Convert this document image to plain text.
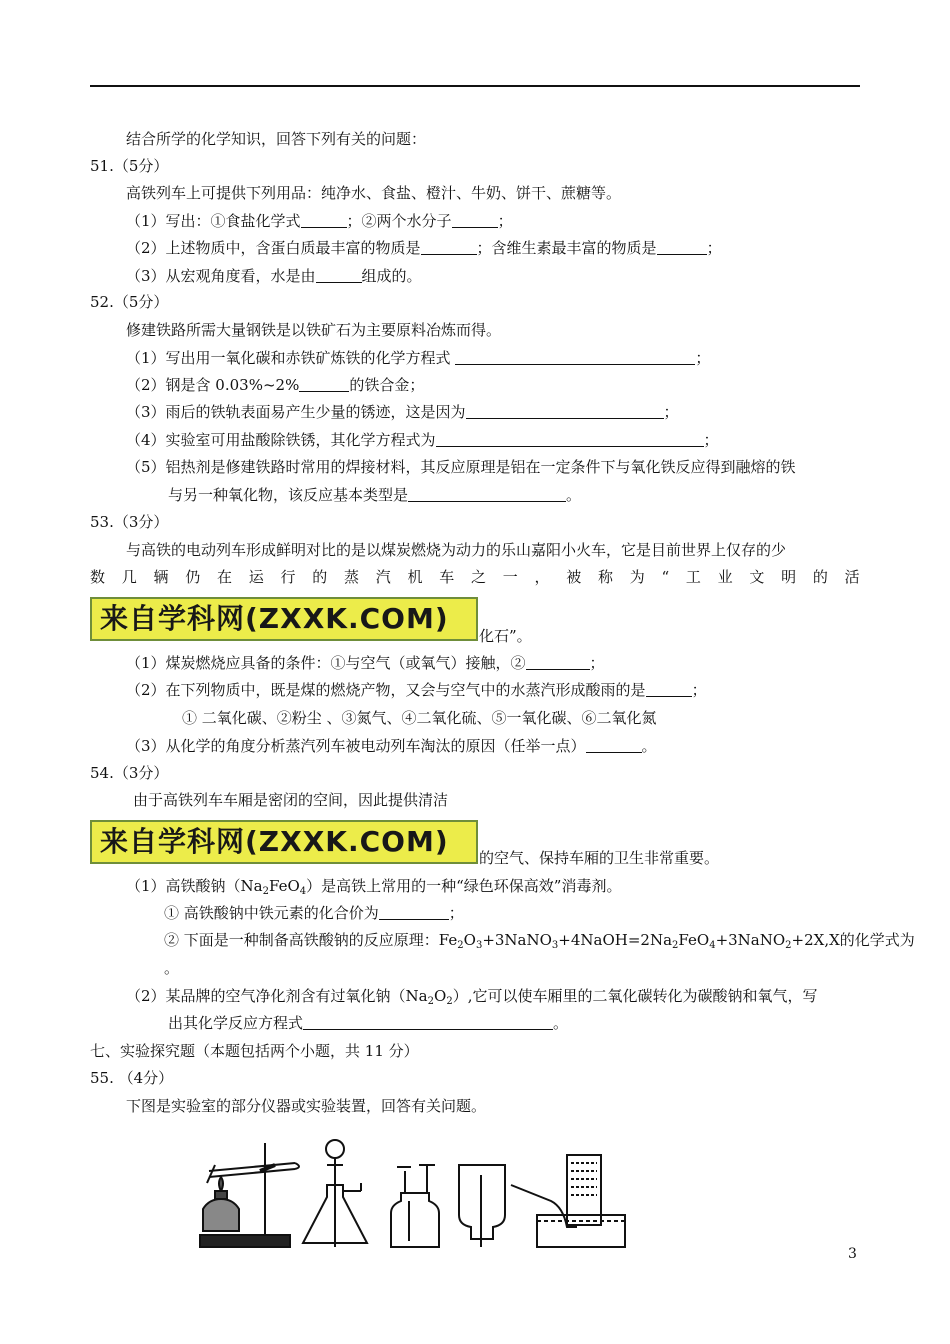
结合所学的化学知识，回答下列有关的问题：
51.（5分）
高铁列车上可提供下列用品：纯净水、食盐、橙汁、牛奶、饼干、蔗糖等。
（1）写出：①食盐化学式	；②两个水分子	；
（2）上述物质中，含蛋白质最丰富的物质是	；含维生素最丰富的物质是	；
（3）从宏观角度看，水是由	组成的。
52.（5分）
修建铁路所需大量钢铁是以铁矿石为主要原料冶炼而得。
（1）写出用一氧化碳和赤铁矿炼铁的化学方程式	；
（2）钢是含 0.03%~2%	的铁合金；
（3）雨后的铁轨表面易产生少量的锈迹，这是因为	；
（4）实验室可用盐酸除铁锈，其化学方程式为	；
（5）铝热剂是修建铁路时常用的焊接材料，其反应原理是铝在一定条件下与氧化铁反应得到融熔的铁
与另一种氧化物，该反应基本类型是	。
53.（3分）
与高铁的电动列车形成鲜明对比的是以煤炭燃烧为动力的乐山嘉阳小火车，它是目前世界上仅存的少
数 几 辆 仍 在 运 行 的 蒸 汽 机 车 之 一 ， 被 称 为 “ 工 业 文 明 的 活
来自学科网(ZXXK.COM)
化石”。
（1）煤炭燃烧应具备的条件：①与空气（或氧气）接触，②	；
（2）在下列物质中，既是煤的燃烧产物，又会与空气中的水蒸汽形成酸雨的是	；
① 二氧化碳、②粉尘 、③氮气、④二氧化硫、⑤一氧化碳、⑥二氧化氮
（3）从化学的角度分析蒸汽列车被电动列车淘汰的原因（任举一点）	。
54.（3分）
由于高铁列车车厢是密闭的空间，因此提供清洁
来自学科网(ZXXK.COM)	的空气、保持车厢的卫生非常重要。
（1）高铁酸钠$(Na_2FeO_4)$是高铁上常用的一种“绿色环保高效”消毒剂。
① 高铁酸钠中铁元素的化合价为	；
② 下面是一种制备高铁酸钠的反应原理：$Fe_2O_3+3NaNO_3+4NaOH=2Na_2FeO_4+3NaNO_2+2X,X$的化学式为
。
（2）某品牌的空气净化剂含有过氧化钠$(Na_2O_2)$,它可以使车厢里的二氧化碳转化为碳酸钠和氧气，写
出其化学反应方程式	。
七、实验探究题（本题包括两个小题，共 11 分）
55. （4分）
下图是实验室的部分仪器或实验装置，回答有关问题。
3
